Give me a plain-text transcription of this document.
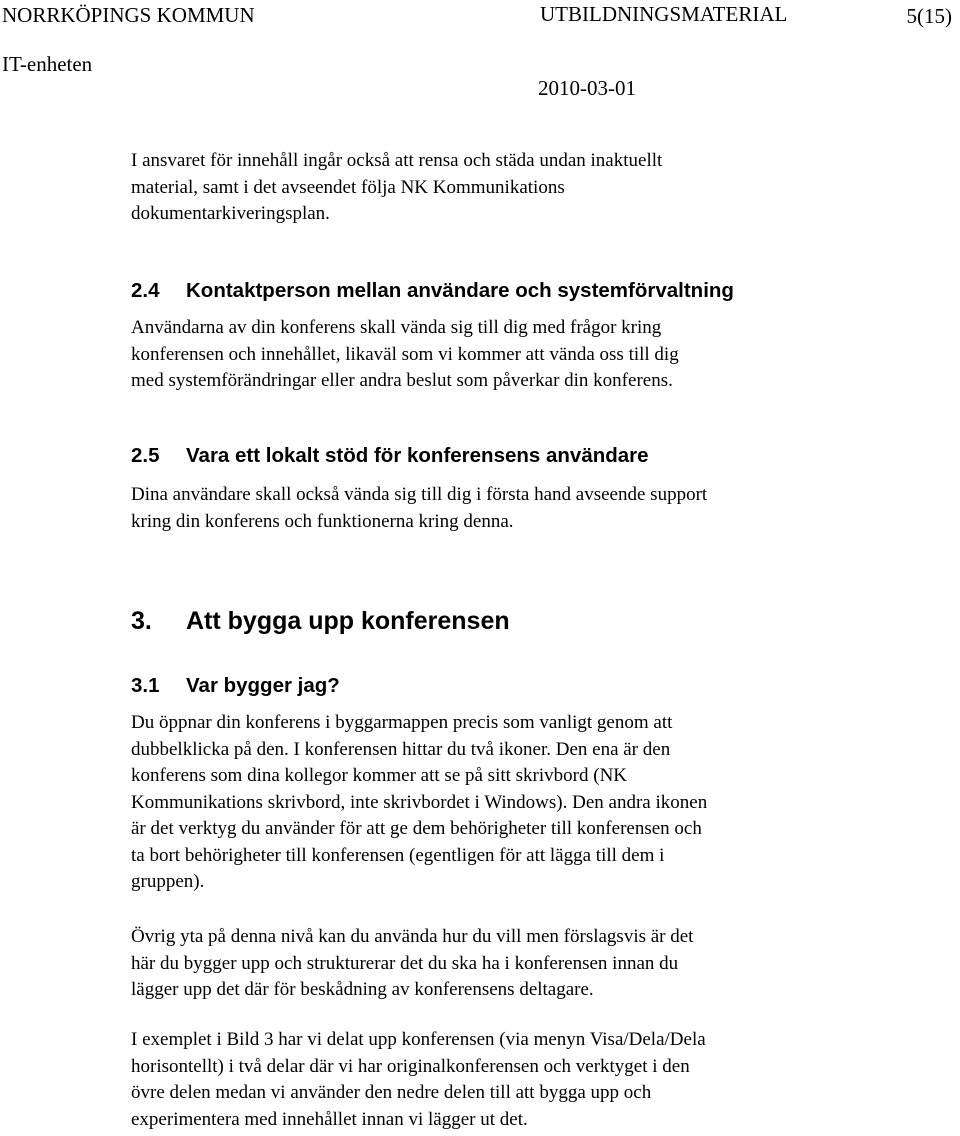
NORRKÖPINGS KOMMUN	UTBILDNINGSMATERIAL	5(15)
IT-enheten
2010-03-01

I ansvaret för innehåll ingår också att rensa och städa undan inaktuellt
material, samt i det avseendet följa NK Kommunikations
dokumentarkiveringsplan.

2.4 Kontaktperson mellan användare och systemförvaltning

Användarna av din konferens skall vända sig till dig med frågor kring
konferensen och innehållet, likaväl som vi kommer att vända oss till dig
med systemförändringar eller andra beslut som påverkar din konferens.

2.5 Vara ett lokalt stöd för konferensens användare

Dina användare skall också vända sig till dig i första hand avseende support
kring din konferens och funktionerna kring denna.

3. Att bygga upp konferensen
3.1 Var bygger jag?

Du öppnar din konferens i byggarmappen precis som vanligt genom att
dubbelklicka på den. I konferensen hittar du två ikoner. Den ena är den
konferens som dina kollegor kommer att se på sitt skrivbord (NK
Kommunikations skrivbord, inte skrivbordet i Windows). Den andra ikonen
är det verktyg du använder för att ge dem behörigheter till konferensen och
ta bort behörigheter till konferensen (egentligen för att lägga till dem i
gruppen).

Övrig yta på denna nivå kan du använda hur du vill men förslagsvis är det
här du bygger upp och strukturerar det du ska ha i konferensen innan du
lägger upp det där för beskådning av konferensens deltagare.

I exemplet i Bild 3 har vi delat upp konferensen (via menyn Visa/Dela/Dela
horisontellt) i två delar där vi har originalkonferensen och verktyget i den
övre delen medan vi använder den nedre delen till att bygga upp och
experimentera med innehållet innan vi lägger ut det.
